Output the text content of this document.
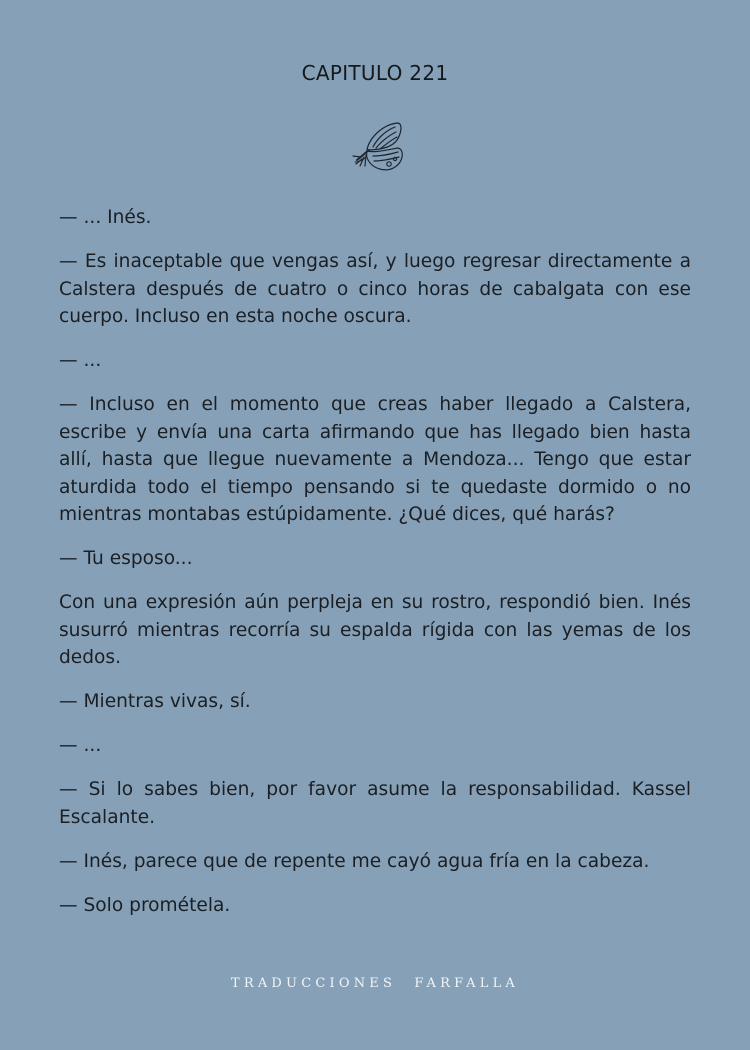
CAPITULO 221

— ... Inés.

— Es inaceptable que vengas así, y luego regresar directamente a Calstera después de cuatro o cinco horas de cabalgata con ese cuerpo. Incluso en esta noche oscura.

— ...

— Incluso en el momento que creas haber llegado a Calstera, escribe y envía una carta afirmando que has llegado bien hasta allí, hasta que llegue nuevamente a Mendoza... Tengo que estar aturdida todo el tiempo pensando si te quedaste dormido o no mientras montabas estúpidamente. ¿Qué dices, qué harás?

— Tu esposo...

Con una expresión aún perpleja en su rostro, respondió bien. Inés susurró mientras recorría su espalda rígida con las yemas de los dedos.

— Mientras vivas, sí.

— ...

— Si lo sabes bien, por favor asume la responsabilidad. Kassel Escalante.

— Inés, parece que de repente me cayó agua fría en la cabeza.

— Solo prométela.

TRADUCCIONES FARFALLA
